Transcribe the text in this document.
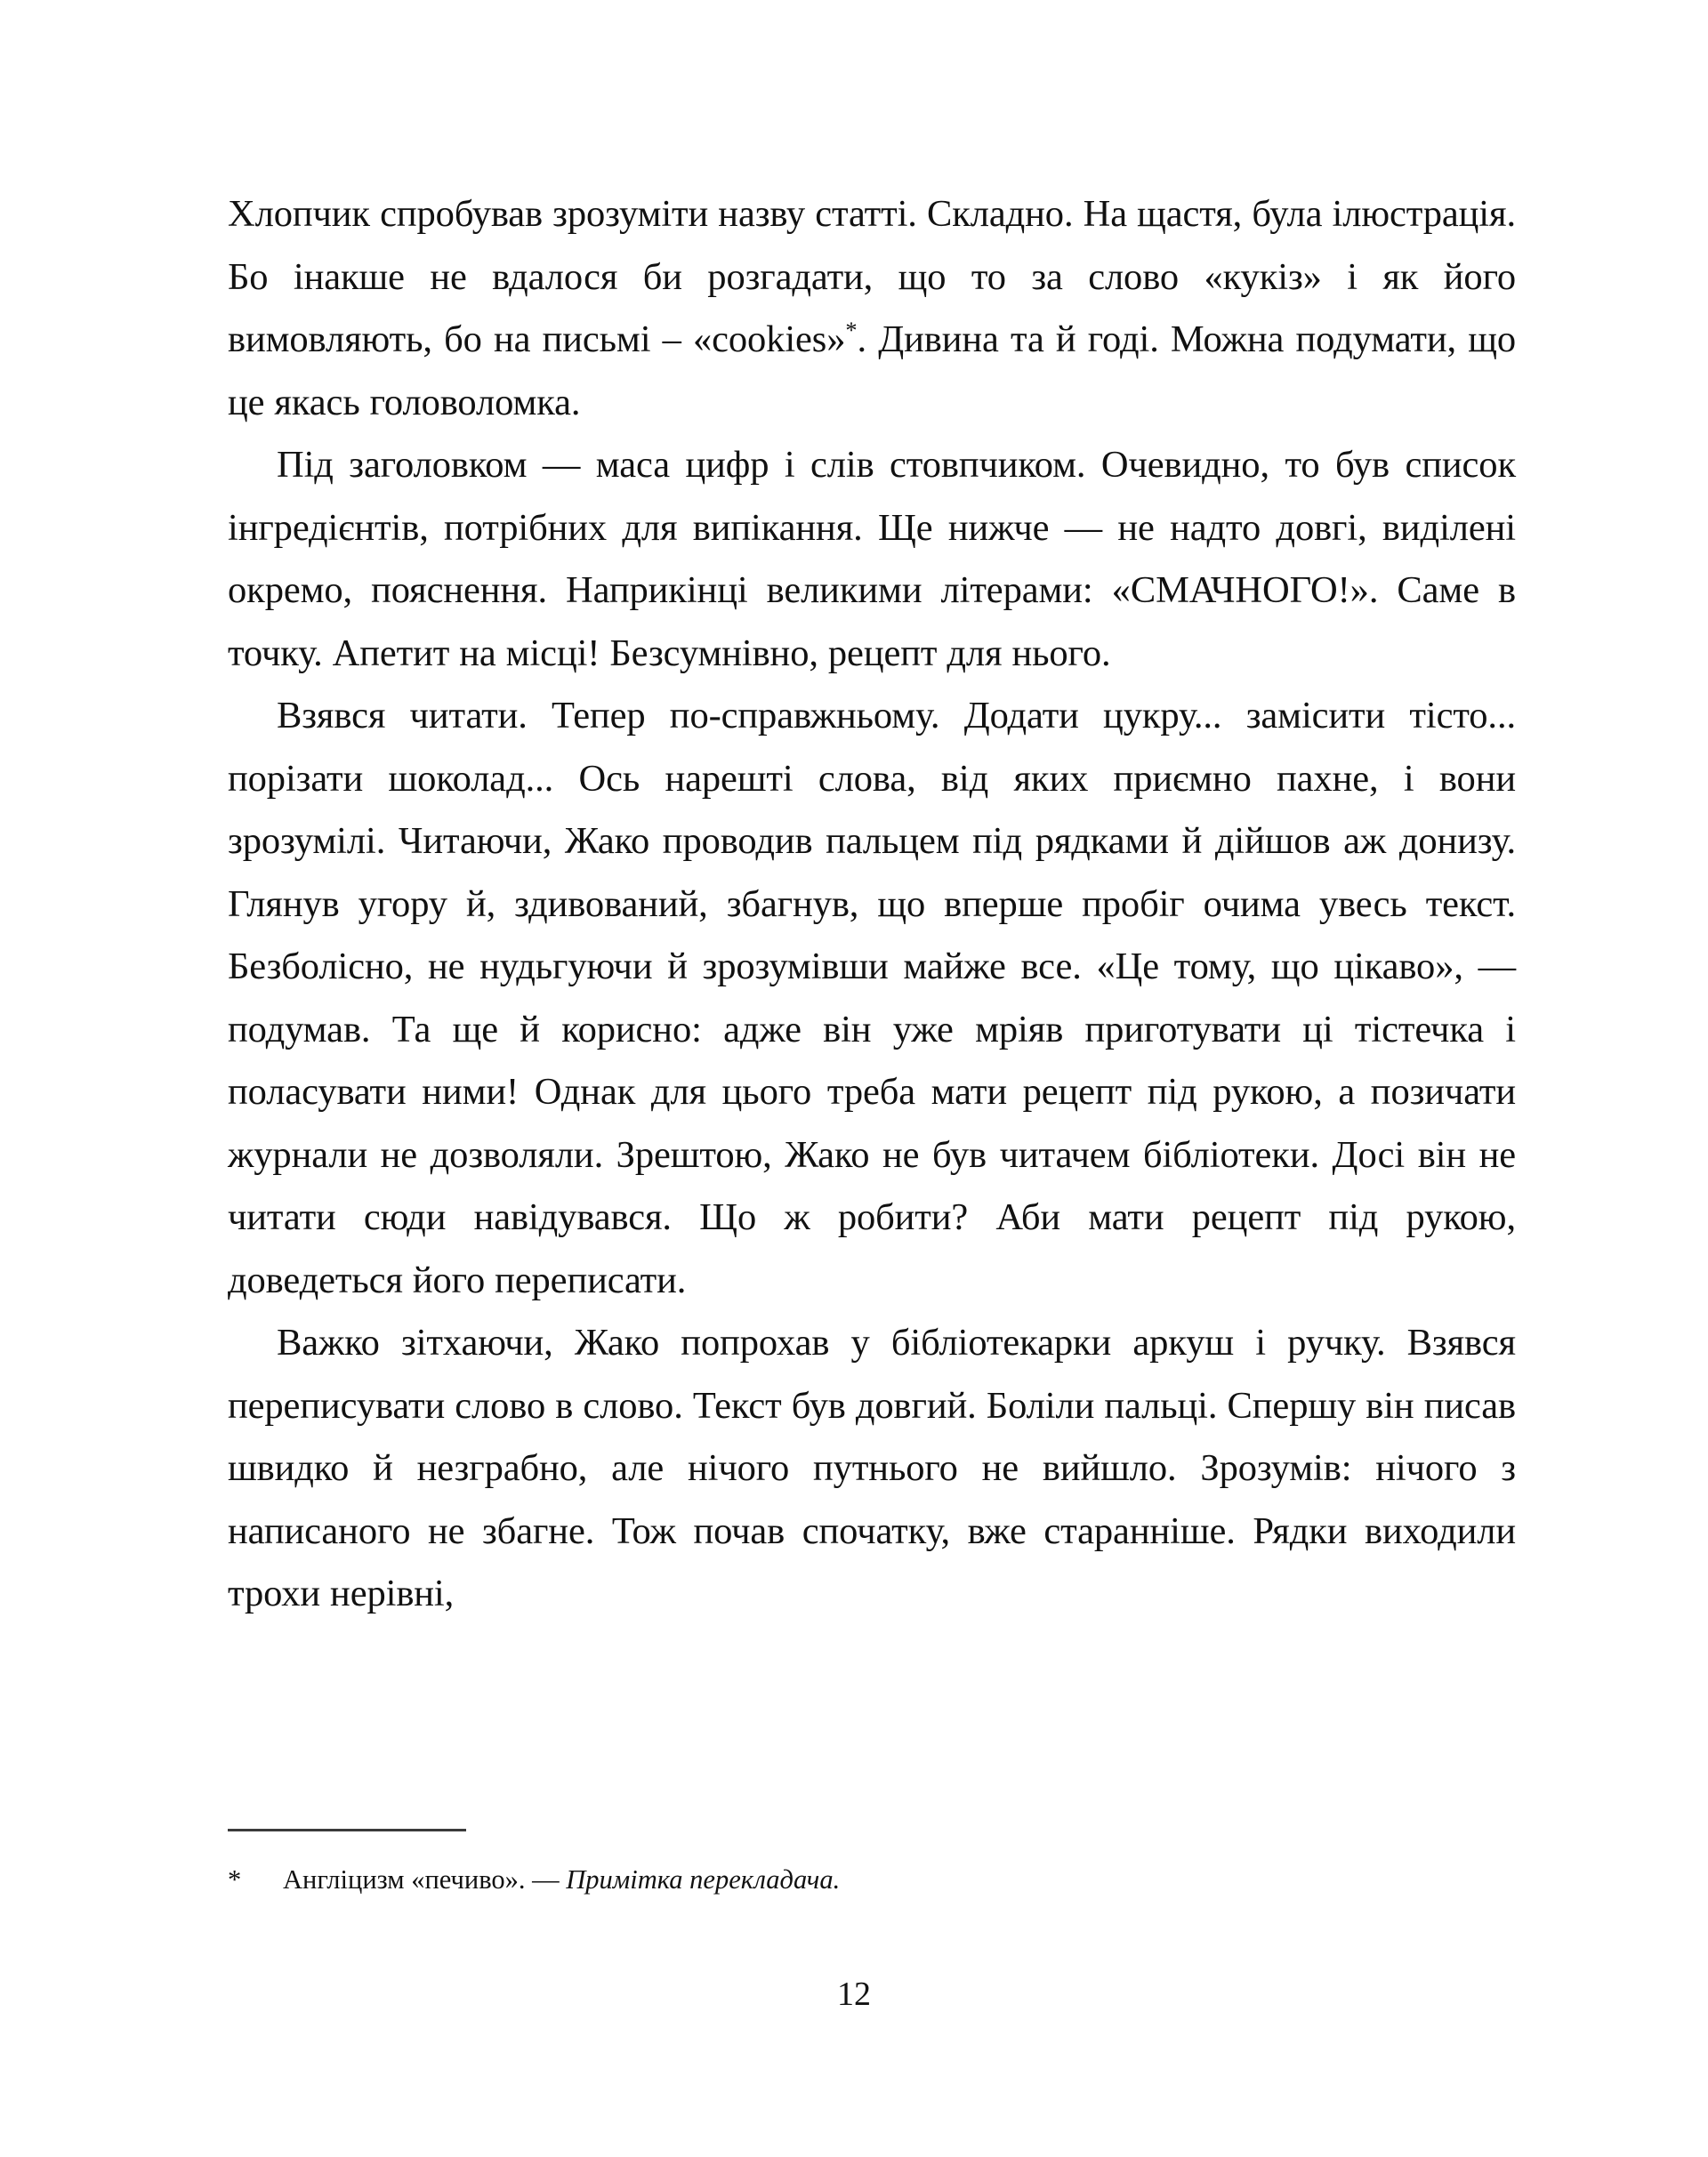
Хлопчик спробував зрозуміти назву статті. Складно. На щастя, була ілюстрація. Бо інакше не вдалося би розгадати, що то за слово «кукіз» і як його вимовляють, бо на письмі – «cookies»*. Дивина та й годі. Можна подумати, що це якась головоломка.

Під заголовком — маса цифр і слів стовпчиком. Очевидно, то був список інгредієнтів, потрібних для випікання. Ще нижче — не надто довгі, виділені окремо, пояснення. Наприкінці великими літерами: «СМАЧНОГО!». Саме в точку. Апетит на місці! Безсумнівно, рецепт для нього.

Взявся читати. Тепер по-справжньому. Додати цукру... замісити тісто... порізати шоколад... Ось нарешті слова, від яких приємно пахне, і вони зрозумілі. Читаючи, Жако проводив пальцем під рядками й дійшов аж донизу. Глянув угору й, здивований, збагнув, що вперше пробіг очима увесь текст. Безболісно, не нудьгуючи й зрозумівши майже все. «Це тому, що цікаво», — подумав. Та ще й корисно: адже він уже мріяв приготувати ці тістечка і поласувати ними! Однак для цього треба мати рецепт під рукою, а позичати журнали не дозволяли. Зрештою, Жако не був читачем бібліотеки. Досі він не читати сюди навідувався. Що ж робити? Аби мати рецепт під рукою, доведеться його переписати.

Важко зітхаючи, Жако попрохав у бібліотекарки аркуш і ручку. Взявся переписувати слово в слово. Текст був довгий. Боліли пальці. Спершу він писав швидко й незграбно, але нічого путнього не вийшло. Зрозумів: нічого з написаного не збагне. Тож почав спочатку, вже старанніше. Рядки виходили трохи нерівні,

*	Англіцизм «печиво». — Примітка перекладача.

12
